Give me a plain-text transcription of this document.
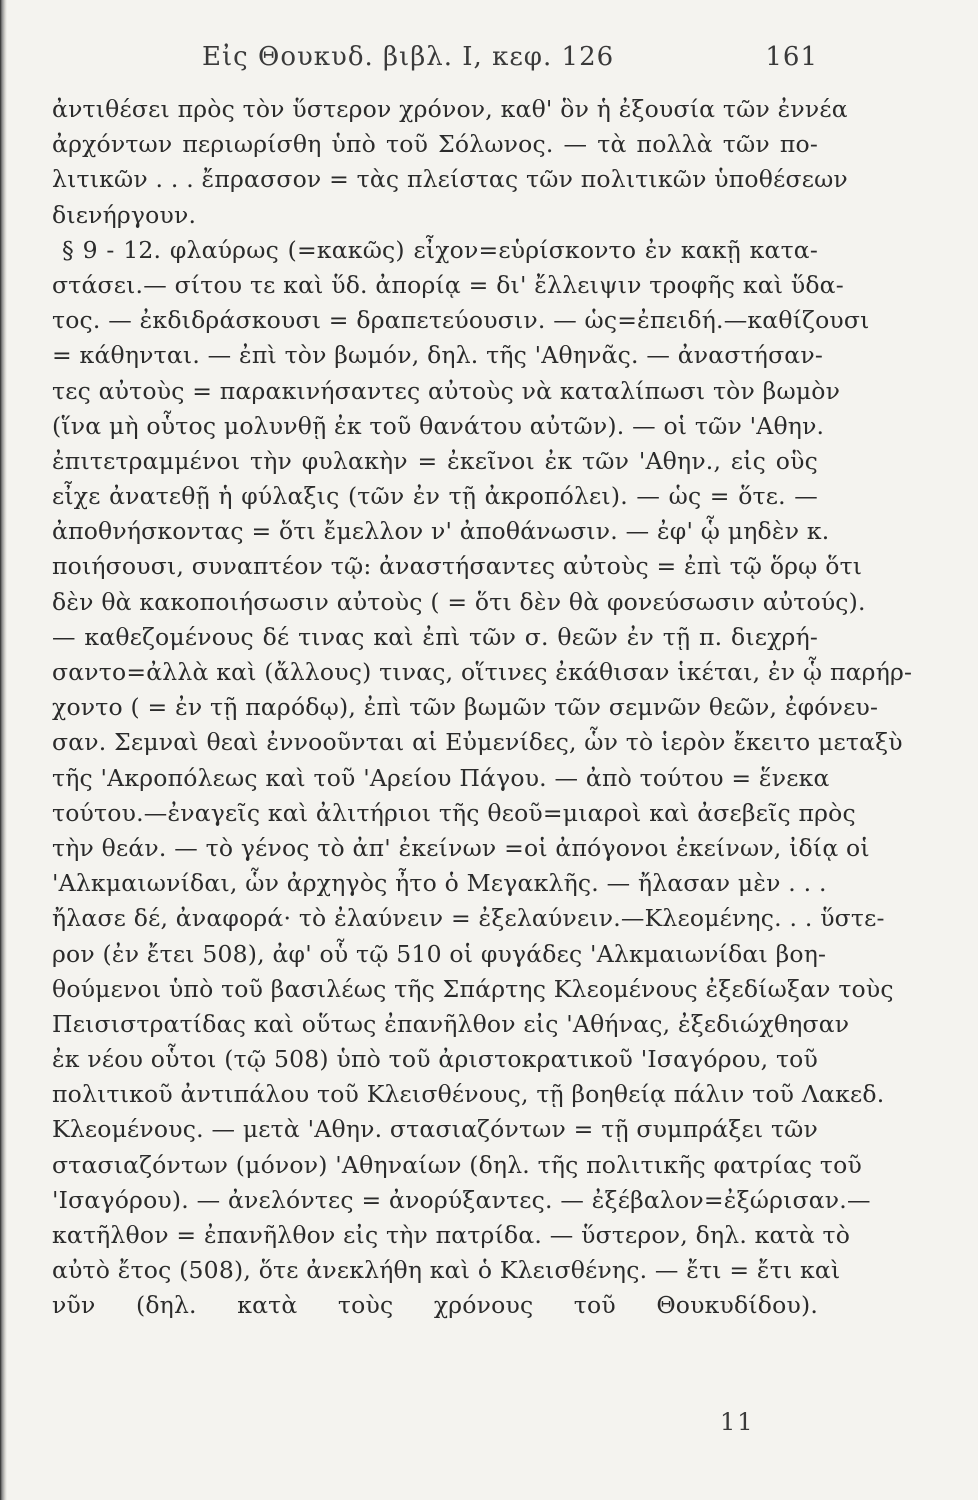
Εἰς Θουκυδ. βιβλ. Ι, κεφ. 126	161
ἀντιθέσει πρὸς τὸν ὕστερον χρόνον, καθ' ὃν ἡ ἐξουσία τῶν ἐννέα
ἀρχόντων περιωρίσθη ὑπὸ τοῦ Σόλωνος. — τὰ πολλὰ τῶν πο-
λιτικῶν . . . ἔπρασσον = τὰς πλείστας τῶν πολιτικῶν ὑποθέσεων
διενήργουν.
§ 9 - 12. φλαύρως (=κακῶς) εἶχον=εὑρίσκοντο ἐν κακῇ κατα-
στάσει.— σίτου τε καὶ ὕδ. ἀπορίᾳ = δι' ἔλλειψιν τροφῆς καὶ ὕδα-
τος. — ἐκδιδράσκουσι = δραπετεύουσιν. — ὡς=ἐπειδή.—καθίζουσι
= κάθηνται. — ἐπὶ τὸν βωμόν, δηλ. τῆς 'Αθηνᾶς. — ἀναστήσαν-
τες αὐτοὺς = παρακινήσαντες αὐτοὺς νὰ καταλίπωσι τὸν βωμὸν
(ἵνα μὴ οὗτος μολυνθῇ ἐκ τοῦ θανάτου αὐτῶν). — οἱ τῶν 'Αθην.
ἐπιτετραμμένοι τὴν φυλακὴν = ἐκεῖνοι ἐκ τῶν 'Αθην., εἰς οὓς
εἶχε ἀνατεθῇ ἡ φύλαξις (τῶν ἐν τῇ ἀκροπόλει). — ὡς = ὅτε. —
ἀποθνήσκοντας = ὅτι ἔμελλον ν' ἀποθάνωσιν. — ἐφ' ᾧ μηδὲν κ.
ποιήσουσι, συναπτέον τῷ: ἀναστήσαντες αὐτοὺς = ἐπὶ τῷ ὅρῳ ὅτι
δὲν θὰ κακοποιήσωσιν αὐτοὺς ( = ὅτι δὲν θὰ φονεύσωσιν αὐτούς).
— καθεζομένους δέ τινας καὶ ἐπὶ τῶν σ. θεῶν ἐν τῇ π. διεχρή-
σαντο=ἀλλὰ καὶ (ἄλλους) τινας, οἵτινες ἐκάθισαν ἱκέται, ἐν ᾧ παρήρ-
χοντο ( = ἐν τῇ παρόδῳ), ἐπὶ τῶν βωμῶν τῶν σεμνῶν θεῶν, ἐφόνευ-
σαν. Σεμναὶ θεαὶ ἐννοοῦνται αἱ Εὐμενίδες, ὧν τὸ ἱερὸν ἔκειτο μεταξὺ
τῆς 'Ακροπόλεως καὶ τοῦ 'Αρείου Πάγου. — ἀπὸ τούτου = ἕνεκα
τούτου.—ἐναγεῖς καὶ ἀλιτήριοι τῆς θεοῦ=μιαροὶ καὶ ἀσεβεῖς πρὸς
τὴν θεάν. — τὸ γένος τὸ ἀπ' ἐκείνων =οἱ ἀπόγονοι ἐκείνων, ἰδίᾳ οἱ
'Αλκμαιωνίδαι, ὧν ἀρχηγὸς ἦτο ὁ Μεγακλῆς. — ἤλασαν μὲν . . .
ἤλασε δέ, ἀναφορά· τὸ ἐλαύνειν = ἐξελαύνειν.—Κλεομένης. . . ὕστε-
ρον (ἐν ἔτει 508), ἀφ' οὗ τῷ 510 οἱ φυγάδες 'Αλκμαιωνίδαι βοη-
θούμενοι ὑπὸ τοῦ βασιλέως τῆς Σπάρτης Κλεομένους ἐξεδίωξαν τοὺς
Πεισιστρατίδας καὶ οὕτως ἐπανῆλθον εἰς 'Αθήνας, ἐξεδιώχθησαν
ἐκ νέου οὗτοι (τῷ 508) ὑπὸ τοῦ ἀριστοκρατικοῦ 'Ισαγόρου, τοῦ
πολιτικοῦ ἀντιπάλου τοῦ Κλεισθένους, τῇ βοηθείᾳ πάλιν τοῦ Λακεδ.
Κλεομένους. — μετὰ 'Αθην. στασιαζόντων = τῇ συμπράξει τῶν
στασιαζόντων (μόνον) 'Αθηναίων (δηλ. τῆς πολιτικῆς φατρίας τοῦ
'Ισαγόρου). — ἀνελόντες = ἀνορύξαντες. — ἐξέβαλον=ἐξώρισαν.—
κατῆλθον = ἐπανῆλθον εἰς τὴν πατρίδα. — ὕστερον, δηλ. κατὰ τὸ
αὐτὸ ἔτος (508), ὅτε ἀνεκλήθη καὶ ὁ Κλεισθένης. — ἔτι = ἔτι καὶ
νῦν (δηλ. κατὰ τοὺς χρόνους τοῦ Θουκυδίδου).
11
